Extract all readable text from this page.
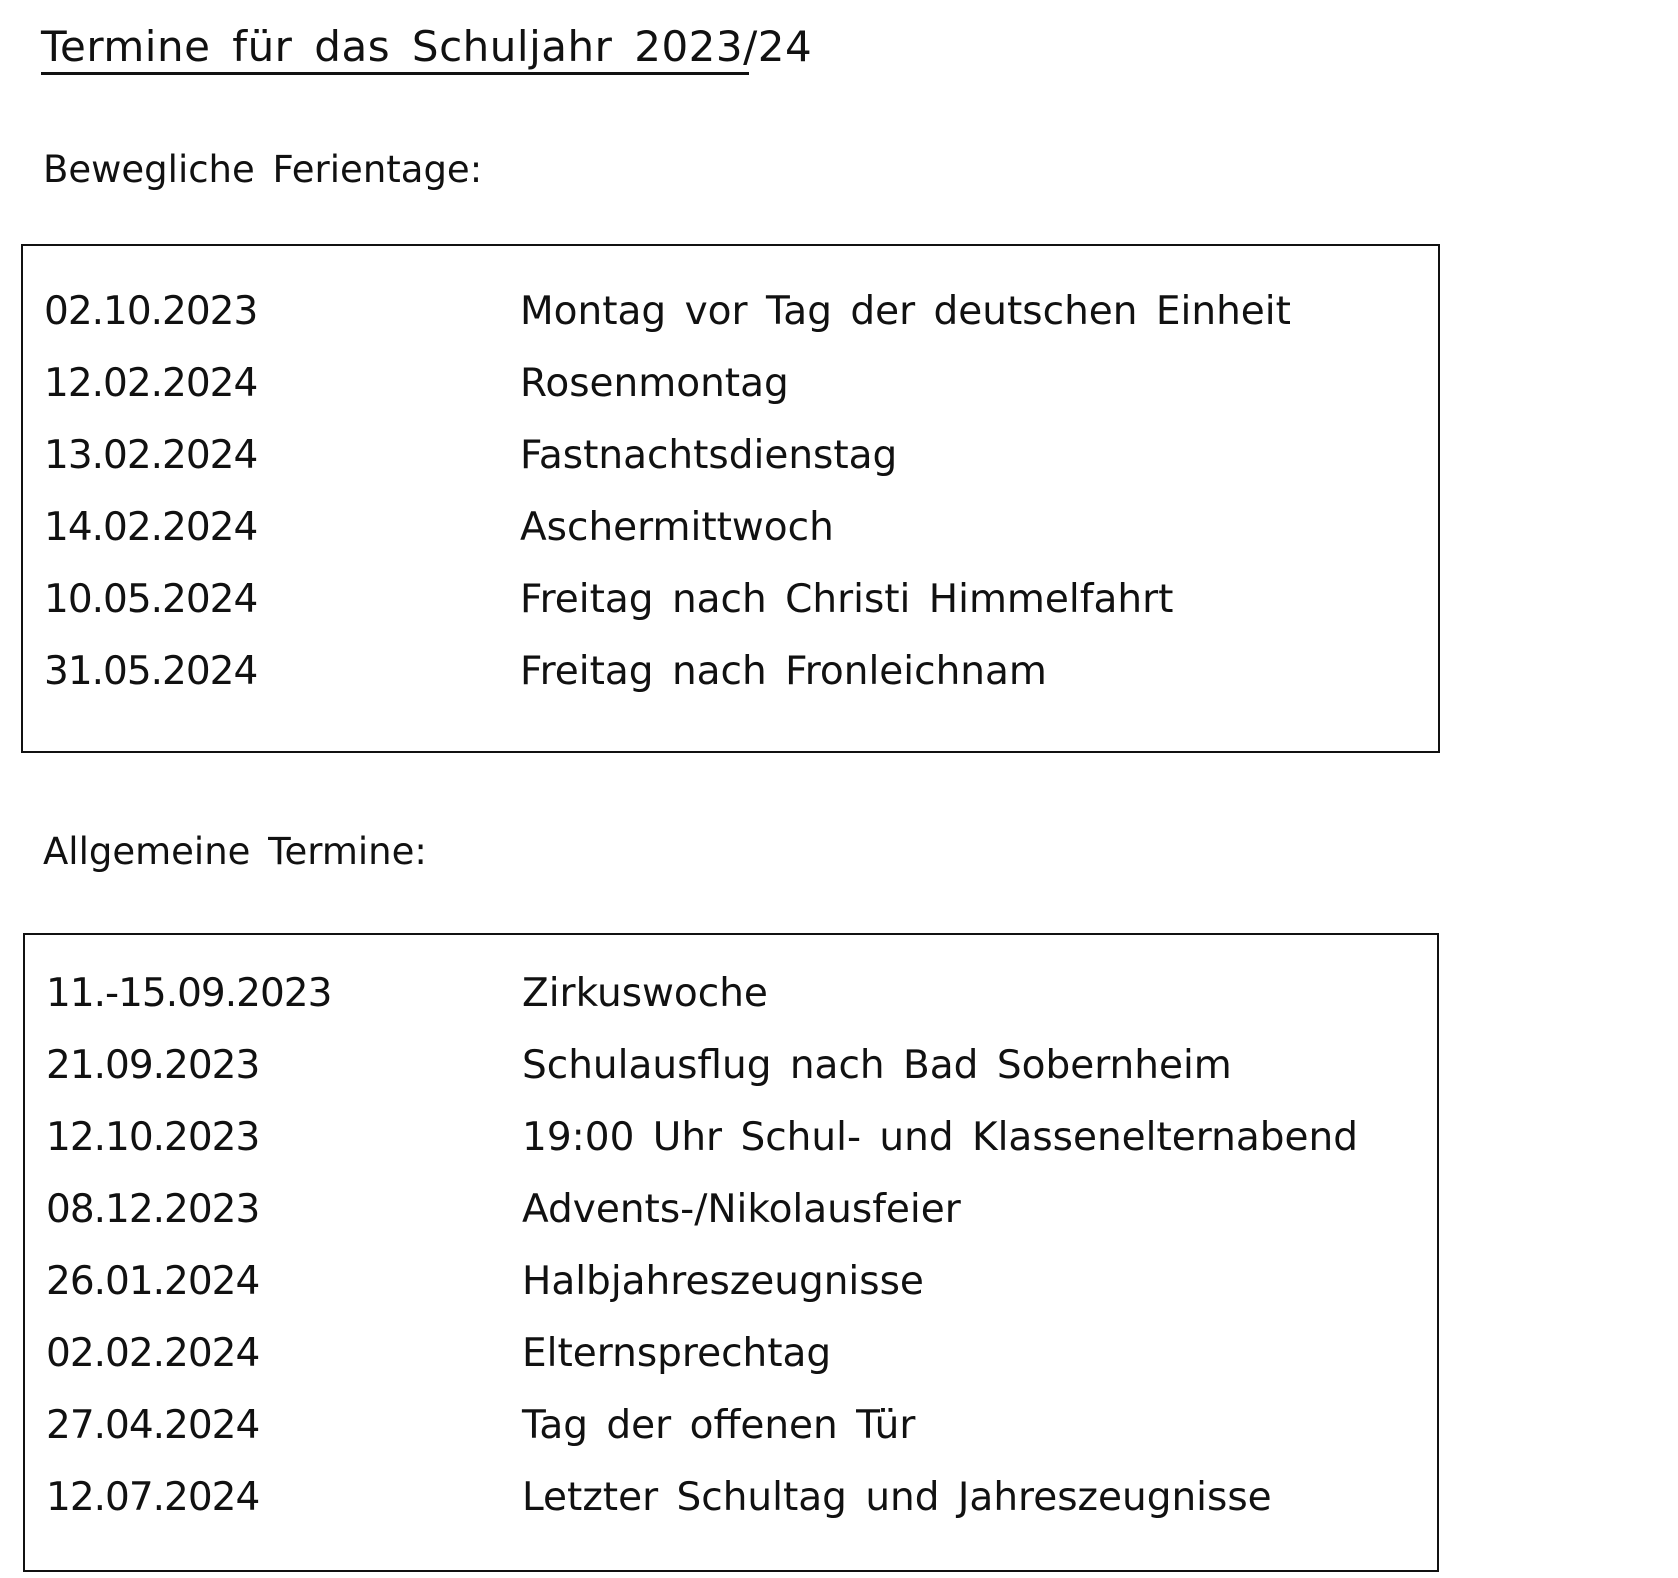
Termine für das Schuljahr 2023/24
Bewegliche Ferientage:
02.10.2023	Montag vor Tag der deutschen Einheit
12.02.2024	Rosenmontag
13.02.2024	Fastnachtsdienstag
14.02.2024	Aschermittwoch
10.05.2024	Freitag nach Christi Himmelfahrt
31.05.2024	Freitag nach Fronleichnam
Allgemeine Termine:
11.-15.09.2023	Zirkuswoche
21.09.2023	Schulausflug nach Bad Sobernheim
12.10.2023	19:00 Uhr Schul- und Klassenelternabend
08.12.2023	Advents-/Nikolausfeier
26.01.2024	Halbjahreszeugnisse
02.02.2024	Elternsprechtag
27.04.2024	Tag der offenen Tür
12.07.2024	Letzter Schultag und Jahreszeugnisse
